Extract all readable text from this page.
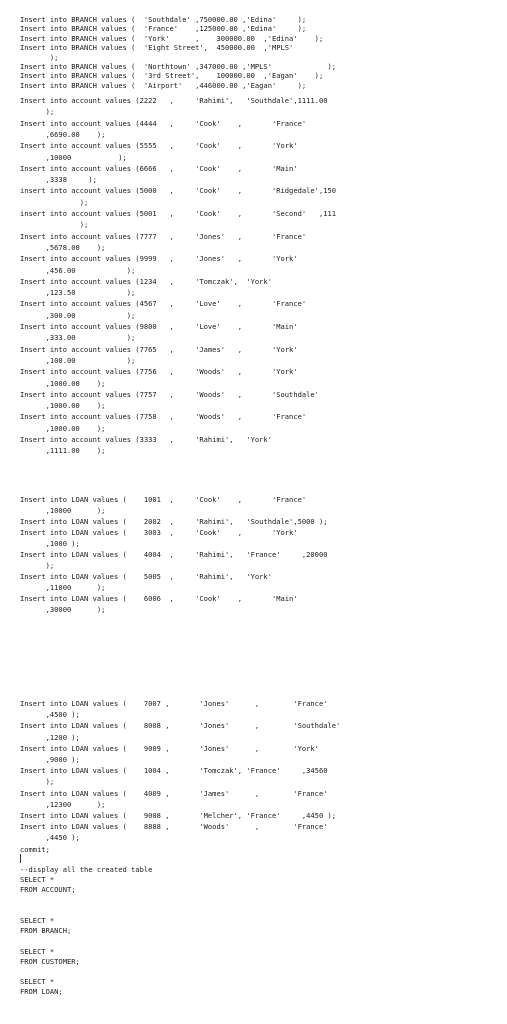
Insert into BRANCH values (  'Southdale' ,750000.00 ,'Edina'     );
Insert into BRANCH values (  'France'    ,125000.00 ,'Edina'     );
Insert into BRANCH values (  'York'      ,    300000.00  ,'Edina'    );
Insert into BRANCH values (  'Eight Street',  450000.00  ,'MPLS'
);
Insert into BRANCH values (  'Northtown' ,347000.00 ,'MPLS'             );
Insert into BRANCH values (  '3rd Street',    100000.00  ,'Eagan'    );
Insert into BRANCH values (  'Airport'   ,446000.00 ,'Eagan'     );
Insert into account values (2222   ,     'Rahimi',   'Southdale',1111.00
);
Insert into account values (4444   ,     'Cook'    ,       'France'
,6690.00    );
Insert into account values (5555   ,     'Cook'    ,       'York'
,10000           );
Insert into account values (6666   ,     'Cook'    ,       'Main'
,3338     );
insert into account values (5000   ,     'Cook'    ,       'Ridgedale',150
);
insert into account values (5001   ,     'Cook'    ,       'Second'   ,111
);
Insert into account values (7777   ,     'Jones'   ,       'France'
,5678.00    );
Insert into account values (9999   ,     'Jones'   ,       'York'
,456.00            );
Insert into account values (1234   ,     'Tomczak',  'York'
,123.50            );
Insert into account values (4567   ,     'Love'    ,       'France'
,300.00            );
Insert into account values (9800   ,     'Love'    ,       'Main'
,333.00            );
Insert into account values (7765   ,     'James'   ,       'York'
,100.00            );
Insert into account values (7756   ,     'Woods'   ,       'York'
,1000.00    );
Insert into account values (7757   ,     'Woods'   ,       'Southdale'
,1000.00    );
Insert into account values (7758   ,     'Woods'   ,       'France'
,1000.00    );
Insert into account values (3333   ,     'Rahimi',   'York'
,1111.00    );
Insert into LOAN values (    1001  ,     'Cook'    ,       'France'
,10000      );
Insert into LOAN values (    2002  ,     'Rahimi',   'Southdale',5000 );
Insert into LOAN values (    3003  ,     'Cook'    ,       'York'
,1000 );
Insert into LOAN values (    4004  ,     'Rahimi',   'France'     ,20000
);
Insert into LOAN values (    5005  ,     'Rahimi',   'York'
,11000      );
Insert into LOAN values (    6006  ,     'Cook'    ,       'Main'
,30000      );
Insert into LOAN values (    7007 ,       'Jones'      ,        'France'
,4500 );
Insert into LOAN values (    8008 ,       'Jones'      ,        'Southdale'
,1200 );
Insert into LOAN values (    9009 ,       'Jones'      ,        'York'
,9000 );
Insert into LOAN values (    1004 ,       'Tomczak', 'France'     ,34560
);
Insert into LOAN values (    4009 ,       'James'      ,        'France'
,12300      );
Insert into LOAN values (    9008 ,       'Melcher', 'France'     ,4450 );
Insert into LOAN values (    8888 ,       'Woods'      ,        'France'
,4450 );
commit;
--display all the created table
SELECT *
FROM ACCOUNT;
SELECT *
FROM BRANCH;
SELECT *
FROM CUSTOMER;
SELECT *
FROM LOAN;
